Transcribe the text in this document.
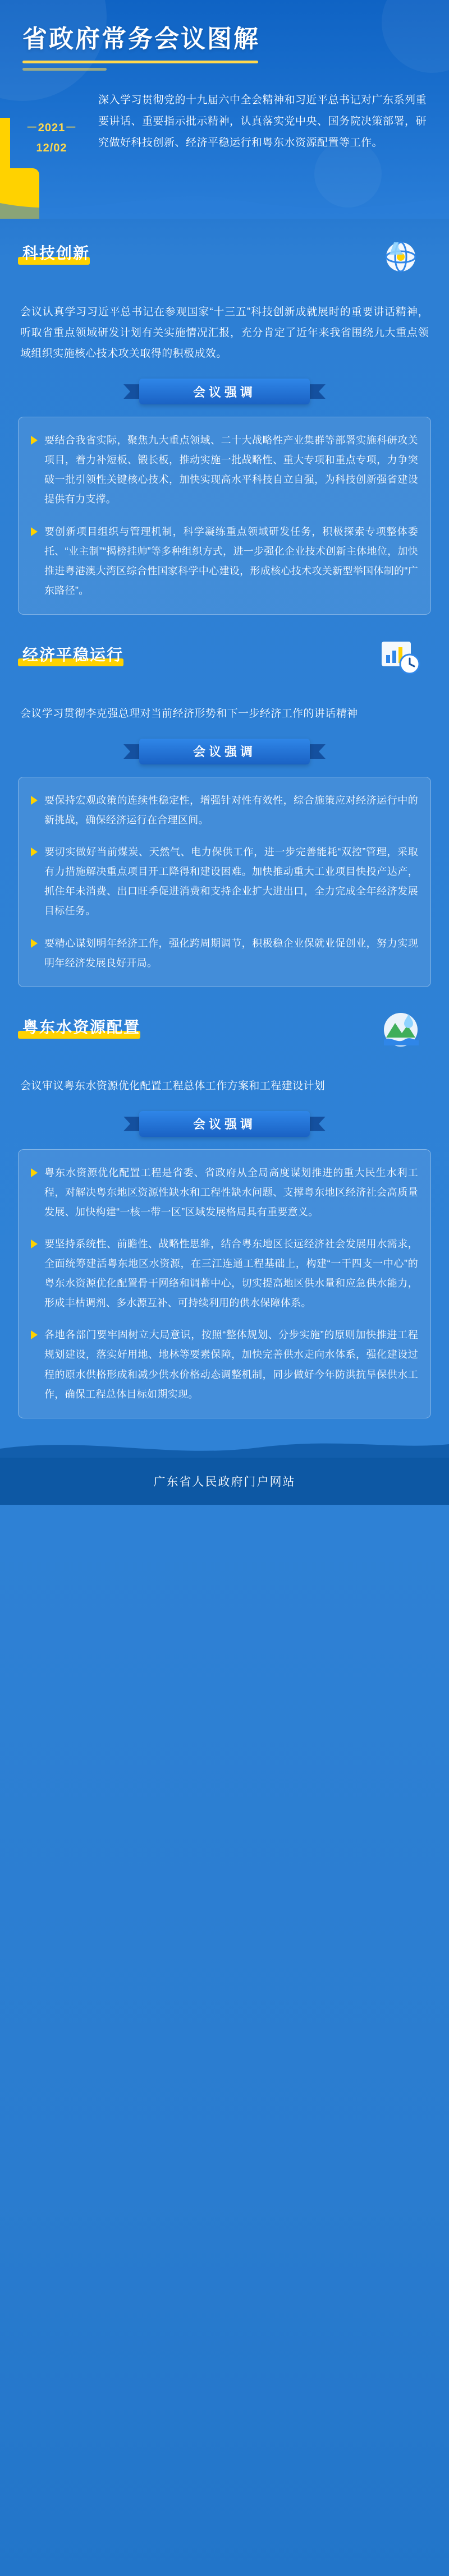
省政府常务会议图解
－2021－
12/02
深入学习贯彻党的十九届六中全会精神和习近平总书记对广东系列重要讲话、重要指示批示精神，认真落实党中央、国务院决策部署，研究做好科技创新、经济平稳运行和粤东水资源配置等工作。
科技创新
会议认真学习习近平总书记在参观国家“十三五”科技创新成就展时的重要讲话精神，听取省重点领域研发计划有关实施情况汇报，充分肯定了近年来我省围绕九大重点领域组织实施核心技术攻关取得的积极成效。
会议强调
要结合我省实际，聚焦九大重点领域、二十大战略性产业集群等部署实施科研攻关项目，着力补短板、锻长板，推动实施一批战略性、重大专项和重点专项，力争突破一批引领性关键核心技术，加快实现高水平科技自立自强，为科技创新强省建设提供有力支撑。
要创新项目组织与管理机制，科学凝练重点领域研发任务，积极探索专项整体委托、“业主制”“揭榜挂帅”等多种组织方式，进一步强化企业技术创新主体地位，加快推进粤港澳大湾区综合性国家科学中心建设，形成核心技术攻关新型举国体制的“广东路径”。
经济平稳运行
会议学习贯彻李克强总理对当前经济形势和下一步经济工作的讲话精神
会议强调
要保持宏观政策的连续性稳定性，增强针对性有效性，综合施策应对经济运行中的新挑战，确保经济运行在合理区间。
要切实做好当前煤炭、天然气、电力保供工作，进一步完善能耗“双控”管理，采取有力措施解决重点项目开工降得和建设困难。加快推动重大工业项目快投产达产，抓住年未消费、出口旺季促进消费和支持企业扩大进出口，全力完成全年经济发展目标任务。
要精心谋划明年经济工作，强化跨周期调节，积极稳企业保就业促创业，努力实现明年经济发展良好开局。
粤东水资源配置
会议审议粤东水资源优化配置工程总体工作方案和工程建设计划
会议强调
粤东水资源优化配置工程是省委、省政府从全局高度谋划推进的重大民生水利工程，对解决粤东地区资源性缺水和工程性缺水问题、支撑粤东地区经济社会高质量发展、加快构建“一核一带一区”区域发展格局具有重要意义。
要坚持系统性、前瞻性、战略性思维，结合粤东地区长远经济社会发展用水需求，全面统筹建活粤东地区水资源，在三江连通工程基础上，构建“一干四支一中心”的粤东水资源优化配置骨干网络和调蓄中心，切实提高地区供水量和应急供水能力，形成丰枯调剂、多水源互补、可持续利用的供水保障体系。
各地各部门要牢固树立大局意识，按照“整体规划、分步实施”的原则加快推进工程规划建设，落实好用地、地林等要素保障，加快完善供水走向水体系，强化建设过程的原水供格形成和减少供水价格动态调整机制，同步做好今年防洪抗旱保供水工作，确保工程总体目标如期实现。
广东省人民政府门户网站
